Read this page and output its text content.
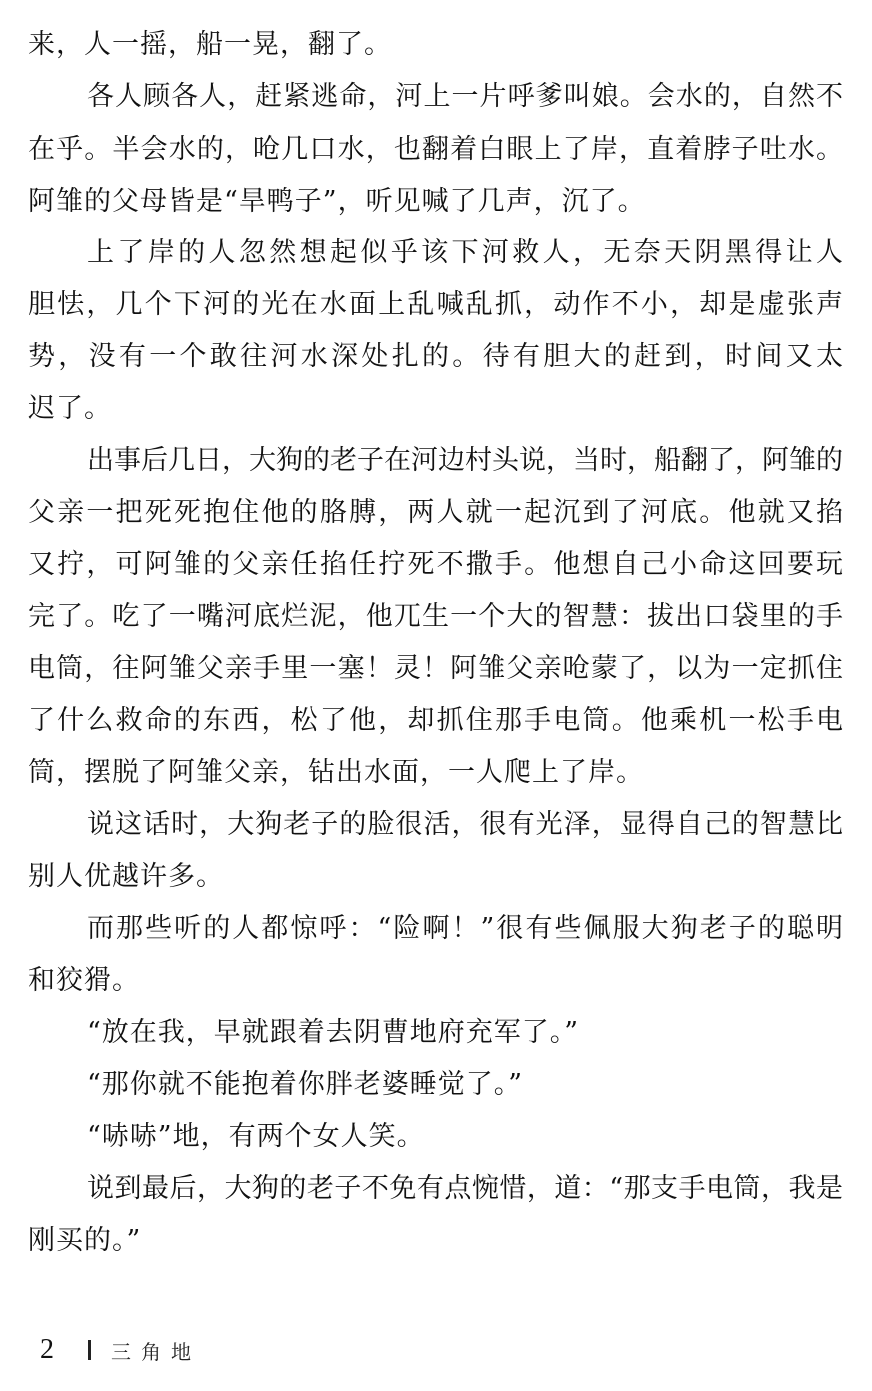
来，人一摇，船一晃，翻了。
各人顾各人，赶紧逃命，河上一片呼爹叫娘。会水的，自然不
在乎。半会水的，呛几口水，也翻着白眼上了岸，直着脖子吐水。
阿雏的父母皆是“旱鸭子”，听见喊了几声，沉了。
上了岸的人忽然想起似乎该下河救人，无奈天阴黑得让人
胆怯，几个下河的光在水面上乱喊乱抓，动作不小，却是虚张声
势，没有一个敢往河水深处扎的。待有胆大的赶到，时间又太
迟了。
出事后几日，大狗的老子在河边村头说，当时，船翻了，阿雏的
父亲一把死死抱住他的胳膊，两人就一起沉到了河底。他就又掐
又拧，可阿雏的父亲任掐任拧死不撒手。他想自己小命这回要玩
完了。吃了一嘴河底烂泥，他兀生一个大的智慧：拔出口袋里的手
电筒，往阿雏父亲手里一塞！灵！阿雏父亲呛蒙了，以为一定抓住
了什么救命的东西，松了他，却抓住那手电筒。他乘机一松手电
筒，摆脱了阿雏父亲，钻出水面，一人爬上了岸。
说这话时，大狗老子的脸很活，很有光泽，显得自己的智慧比
别人优越许多。
而那些听的人都惊呼：“险啊！”很有些佩服大狗老子的聪明
和狡猾。
“放在我，早就跟着去阴曹地府充军了。”
“那你就不能抱着你胖老婆睡觉了。”
“哧哧”地，有两个女人笑。
说到最后，大狗的老子不免有点惋惜，道：“那支手电筒，我是
刚买的。”
2	三角地
